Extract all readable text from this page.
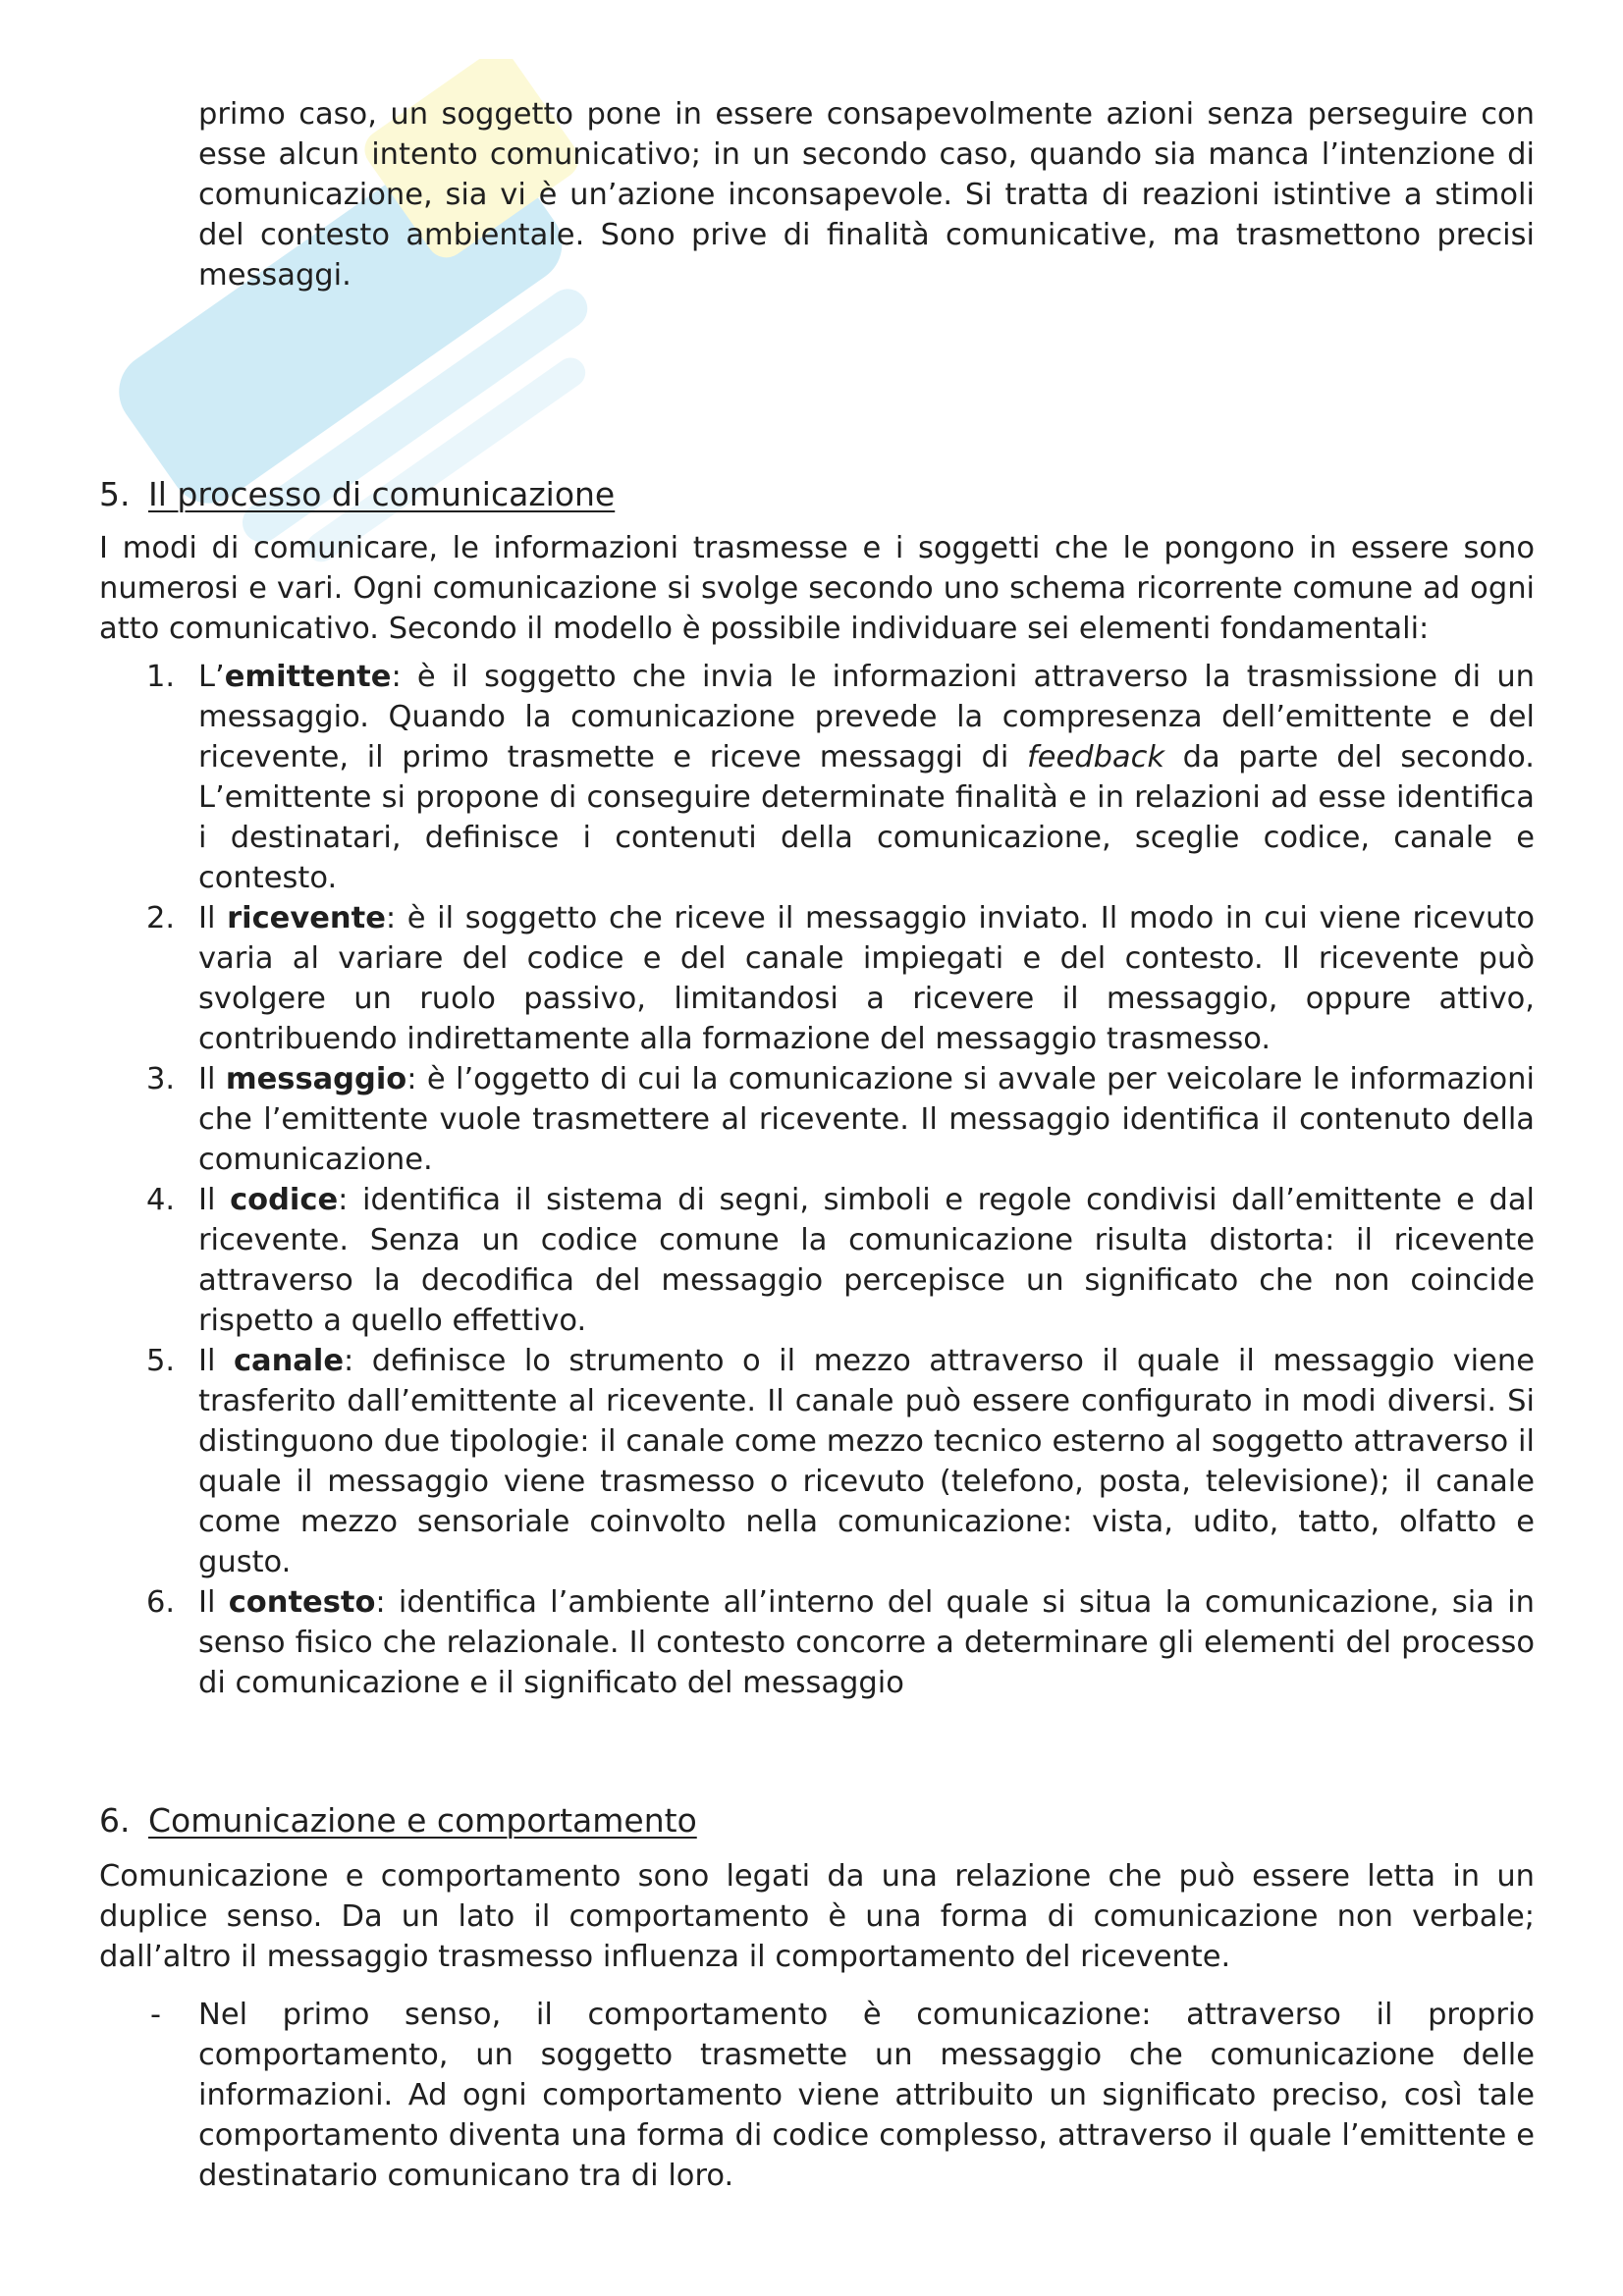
primo caso, un soggetto pone in essere consapevolmente azioni senza perseguire con esse alcun intento comunicativo; in un secondo caso, quando sia manca l’intenzione di comunicazione, sia vi è un’azione inconsapevole. Si tratta di reazioni istintive a stimoli del contesto ambientale. Sono prive di finalità comunicative, ma trasmettono precisi messaggi.

5. Il processo di comunicazione

I modi di comunicare, le informazioni trasmesse e i soggetti che le pongono in essere sono numerosi e vari. Ogni comunicazione si svolge secondo uno schema ricorrente comune ad ogni atto comunicativo. Secondo il modello è possibile individuare sei elementi fondamentali:

1. L’emittente: è il soggetto che invia le informazioni attraverso la trasmissione di un messaggio. Quando la comunicazione prevede la compresenza dell’emittente e del ricevente, il primo trasmette e riceve messaggi di feedback da parte del secondo. L’emittente si propone di conseguire determinate finalità e in relazioni ad esse identifica i destinatari, definisce i contenuti della comunicazione, sceglie codice, canale e contesto.
2. Il ricevente: è il soggetto che riceve il messaggio inviato. Il modo in cui viene ricevuto varia al variare del codice e del canale impiegati e del contesto. Il ricevente può svolgere un ruolo passivo, limitandosi a ricevere il messaggio, oppure attivo, contribuendo indirettamente alla formazione del messaggio trasmesso.
3. Il messaggio: è l’oggetto di cui la comunicazione si avvale per veicolare le informazioni che l’emittente vuole trasmettere al ricevente. Il messaggio identifica il contenuto della comunicazione.
4. Il codice: identifica il sistema di segni, simboli e regole condivisi dall’emittente e dal ricevente. Senza un codice comune la comunicazione risulta distorta: il ricevente attraverso la decodifica del messaggio percepisce un significato che non coincide rispetto a quello effettivo.
5. Il canale: definisce lo strumento o il mezzo attraverso il quale il messaggio viene trasferito dall’emittente al ricevente. Il canale può essere configurato in modi diversi. Si distinguono due tipologie: il canale come mezzo tecnico esterno al soggetto attraverso il quale il messaggio viene trasmesso o ricevuto (telefono, posta, televisione); il canale come mezzo sensoriale coinvolto nella comunicazione: vista, udito, tatto, olfatto e gusto.
6. Il contesto: identifica l’ambiente all’interno del quale si situa la comunicazione, sia in senso fisico che relazionale. Il contesto concorre a determinare gli elementi del processo di comunicazione e il significato del messaggio
6. Comunicazione e comportamento

Comunicazione e comportamento sono legati da una relazione che può essere letta in un duplice senso. Da un lato il comportamento è una forma di comunicazione non verbale; dall’altro il messaggio trasmesso influenza il comportamento del ricevente.

- Nel primo senso, il comportamento è comunicazione: attraverso il proprio comportamento, un soggetto trasmette un messaggio che comunicazione delle informazioni. Ad ogni comportamento viene attribuito un significato preciso, così tale comportamento diventa una forma di codice complesso, attraverso il quale l’emittente e destinatario comunicano tra di loro.
